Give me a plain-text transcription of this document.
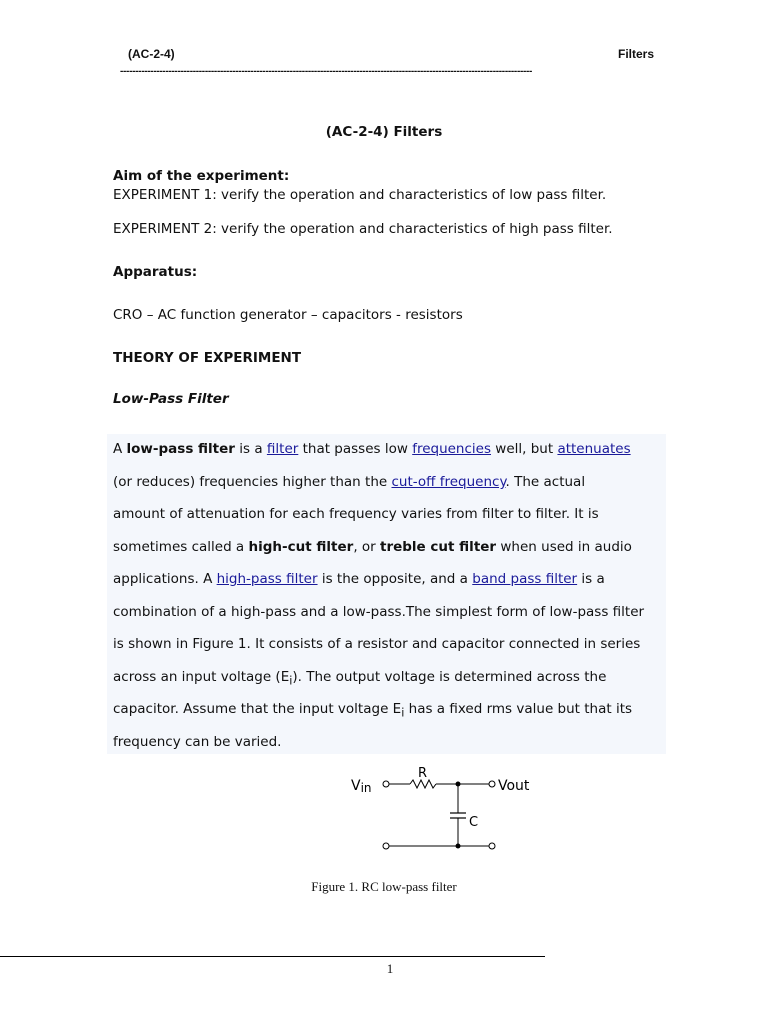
(AC-2-4)	Filters
----------------------------------------------------------------------------------------------------------------------------------------
(AC-2-4) Filters
Aim of the experiment:
EXPERIMENT 1: verify the operation and characteristics of low pass filter.
EXPERIMENT 2: verify the operation and characteristics of high pass filter.
Apparatus:
CRO – AC function generator – capacitors - resistors
THEORY OF EXPERIMENT
Low-Pass Filter
A low-pass filter is a filter that passes low frequencies well, but attenuates
(or reduces) frequencies higher than the cut-off frequency. The actual
amount of attenuation for each frequency varies from filter to filter. It is
sometimes called a high-cut filter, or treble cut filter when used in audio
applications. A high-pass filter is the opposite, and a band pass filter is a
combination of a high-pass and a low-pass.The simplest form of low-pass filter
is shown in Figure 1. It consists of a resistor and capacitor connected in series
across an input voltage $(E_i)$. The output voltage is determined across the
capacitor. Assume that the input voltage $E_i$ has a fixed rms value but that its
frequency can be varied.
Vin
R
Vout
C
Figure 1. RC low-pass filter
1
